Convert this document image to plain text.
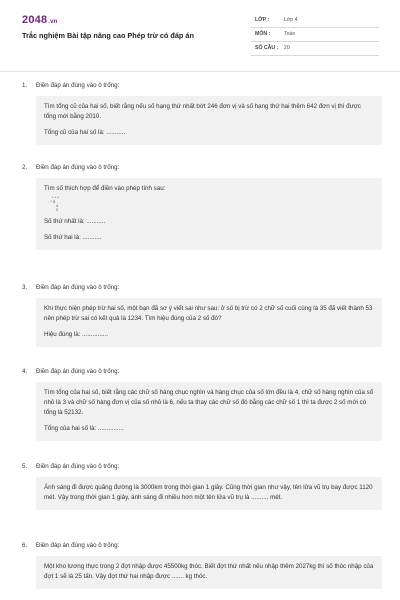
2048.vn
Trắc nghiệm Bài tập nâng cao Phép trừ có đáp án
LỚP :	Lớp 4
MÔN :	Toán
SỐ CÂU : 20
1. Điền đáp án đúng vào ô trống:

Tìm tổng cũ của hai số, biết rằng nếu số hạng thứ nhất bớt 246 đơn vị và số hạng thứ hai thêm 642 đơn vị thì được tổng mới bằng 2010.

Tổng cũ của hai số là: ...........

2. Điền đáp án đúng vào ô trống:

Tìm số thích hợp để điền vào phép tính sau:

* * *
- * 8
4
2

Số thứ nhất là: ...........

Số thứ hai là: ...........

3. Điền đáp án đúng vào ô trống:

Khi thực hiện phép trừ hai số, một bạn đã sơ ý viết sai như sau: ở số bị trừ có 2 chữ số cuối cùng là 35 đã viết thành 53 nên phép trừ sai có kết quả là 1234. Tìm hiệu đúng của 2 số đó?

Hiệu đúng là: ...............

4. Điền đáp án đúng vào ô trống:

Tìm tổng của hai số, biết rằng các chữ số hàng chục nghìn và hàng chục của số lớn đều là 4, chữ số hàng nghìn của số nhỏ là 3 và chữ số hàng đơn vị của số nhỏ là 6, nếu ta thay các chữ số đó bằng các chữ số 1 thì ta được 2 số mới có tổng là 52132.

Tổng của hai số là: ...............

5. Điền đáp án đúng vào ô trống:

Ánh sáng đi được quãng đường là 3000km trong thời gian 1 giây. Cũng thời gian như vậy, tên lửa vũ trụ bay được 1120 mét. Vậy trong thời gian 1 giây, ánh sáng đi nhiều hơn một tên lửa vũ trụ là .......... mét.

6. Điền đáp án đúng vào ô trống:

Một kho lương thực trong 2 đợt nhập được 45500kg thóc. Biết đợt thứ nhất nếu nhập thêm 2027kg thì số thóc nhập của đợt 1 sẽ là 25 tấn. Vậy đợt thứ hai nhập được ....... kg thóc.
